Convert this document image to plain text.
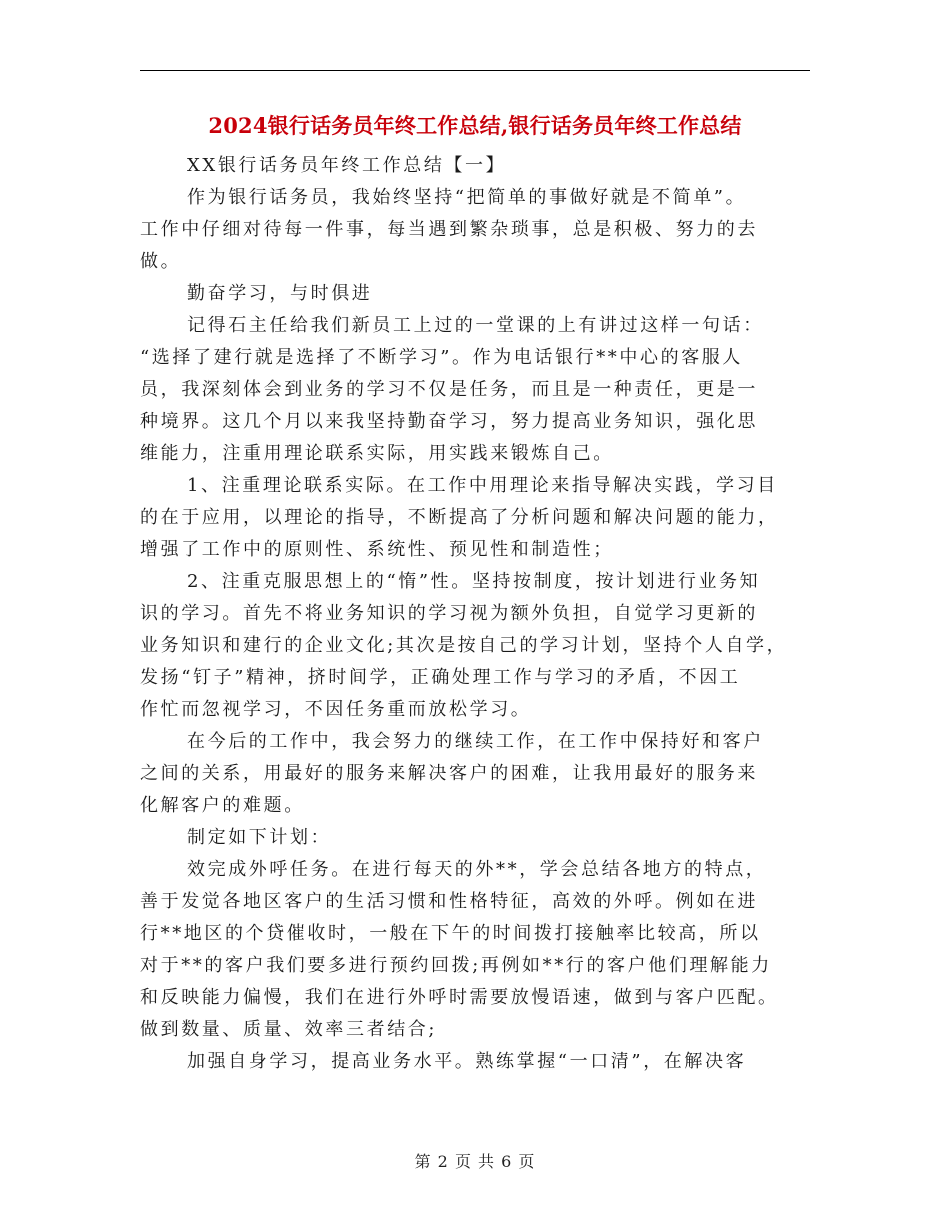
2024银行话务员年终工作总结,银行话务员年终工作总结
XX银行话务员年终工作总结【一】
作为银行话务员，我始终坚持“把简单的事做好就是不简单”。
工作中仔细对待每一件事，每当遇到繁杂琐事，总是积极、努力的去
做。
勤奋学习，与时俱进
记得石主任给我们新员工上过的一堂课的上有讲过这样一句话：
“选择了建行就是选择了不断学习”。作为电话银行**中心的客服人
员，我深刻体会到业务的学习不仅是任务，而且是一种责任，更是一
种境界。这几个月以来我坚持勤奋学习，努力提高业务知识，强化思
维能力，注重用理论联系实际，用实践来锻炼自己。
1、注重理论联系实际。在工作中用理论来指导解决实践，学习目
的在于应用，以理论的指导，不断提高了分析问题和解决问题的能力，
增强了工作中的原则性、系统性、预见性和制造性；
2、注重克服思想上的“惰”性。坚持按制度，按计划进行业务知
识的学习。首先不将业务知识的学习视为额外负担，自觉学习更新的
业务知识和建行的企业文化;其次是按自己的学习计划，坚持个人自学，
发扬“钉子”精神，挤时间学，正确处理工作与学习的矛盾，不因工
作忙而忽视学习，不因任务重而放松学习。
在今后的工作中，我会努力的继续工作，在工作中保持好和客户
之间的关系，用最好的服务来解决客户的困难，让我用最好的服务来
化解客户的难题。
制定如下计划：
效完成外呼任务。在进行每天的外**，学会总结各地方的特点，
善于发觉各地区客户的生活习惯和性格特征，高效的外呼。例如在进
行**地区的个贷催收时，一般在下午的时间拨打接触率比较高，所以
对于**的客户我们要多进行预约回拨;再例如**行的客户他们理解能力
和反映能力偏慢，我们在进行外呼时需要放慢语速，做到与客户匹配。
做到数量、质量、效率三者结合;
加强自身学习，提高业务水平。熟练掌握“一口清”，在解决客
第 2 页 共 6 页
